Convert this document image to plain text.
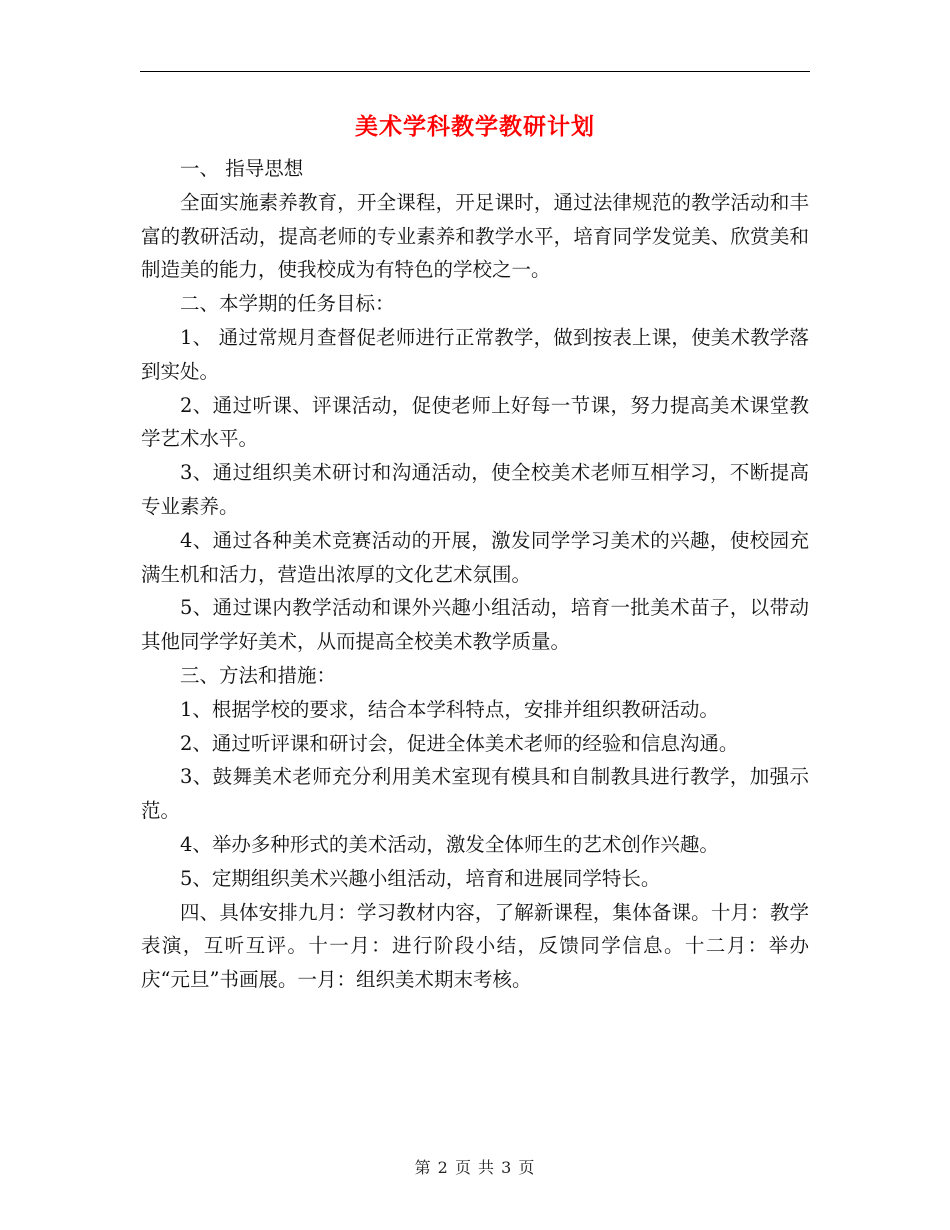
美术学科教学教研计划

一、 指导思想

全面实施素养教育，开全课程，开足课时，通过法律规范的教学活动和丰富的教研活动，提高老师的专业素养和教学水平，培育同学发觉美、欣赏美和制造美的能力，使我校成为有特色的学校之一。

二、本学期的任务目标：

1、 通过常规月查督促老师进行正常教学，做到按表上课，使美术教学落到实处。

2、通过听课、评课活动，促使老师上好每一节课，努力提高美术课堂教学艺术水平。

3、通过组织美术研讨和沟通活动，使全校美术老师互相学习，不断提高专业素养。

4、通过各种美术竞赛活动的开展，激发同学学习美术的兴趣，使校园充满生机和活力，营造出浓厚的文化艺术氛围。

5、通过课内教学活动和课外兴趣小组活动，培育一批美术苗子，以带动其他同学学好美术，从而提高全校美术教学质量。

三、方法和措施：

1、根据学校的要求，结合本学科特点，安排并组织教研活动。

2、通过听评课和研讨会，促进全体美术老师的经验和信息沟通。

3、鼓舞美术老师充分利用美术室现有模具和自制教具进行教学，加强示范。

4、举办多种形式的美术活动，激发全体师生的艺术创作兴趣。

5、定期组织美术兴趣小组活动，培育和进展同学特长。

四、具体安排九月：学习教材内容，了解新课程，集体备课。十月：教学表演，互听互评。十一月：进行阶段小结，反馈同学信息。十二月：举办庆“元旦”书画展。一月：组织美术期末考核。

第 2 页 共 3 页
